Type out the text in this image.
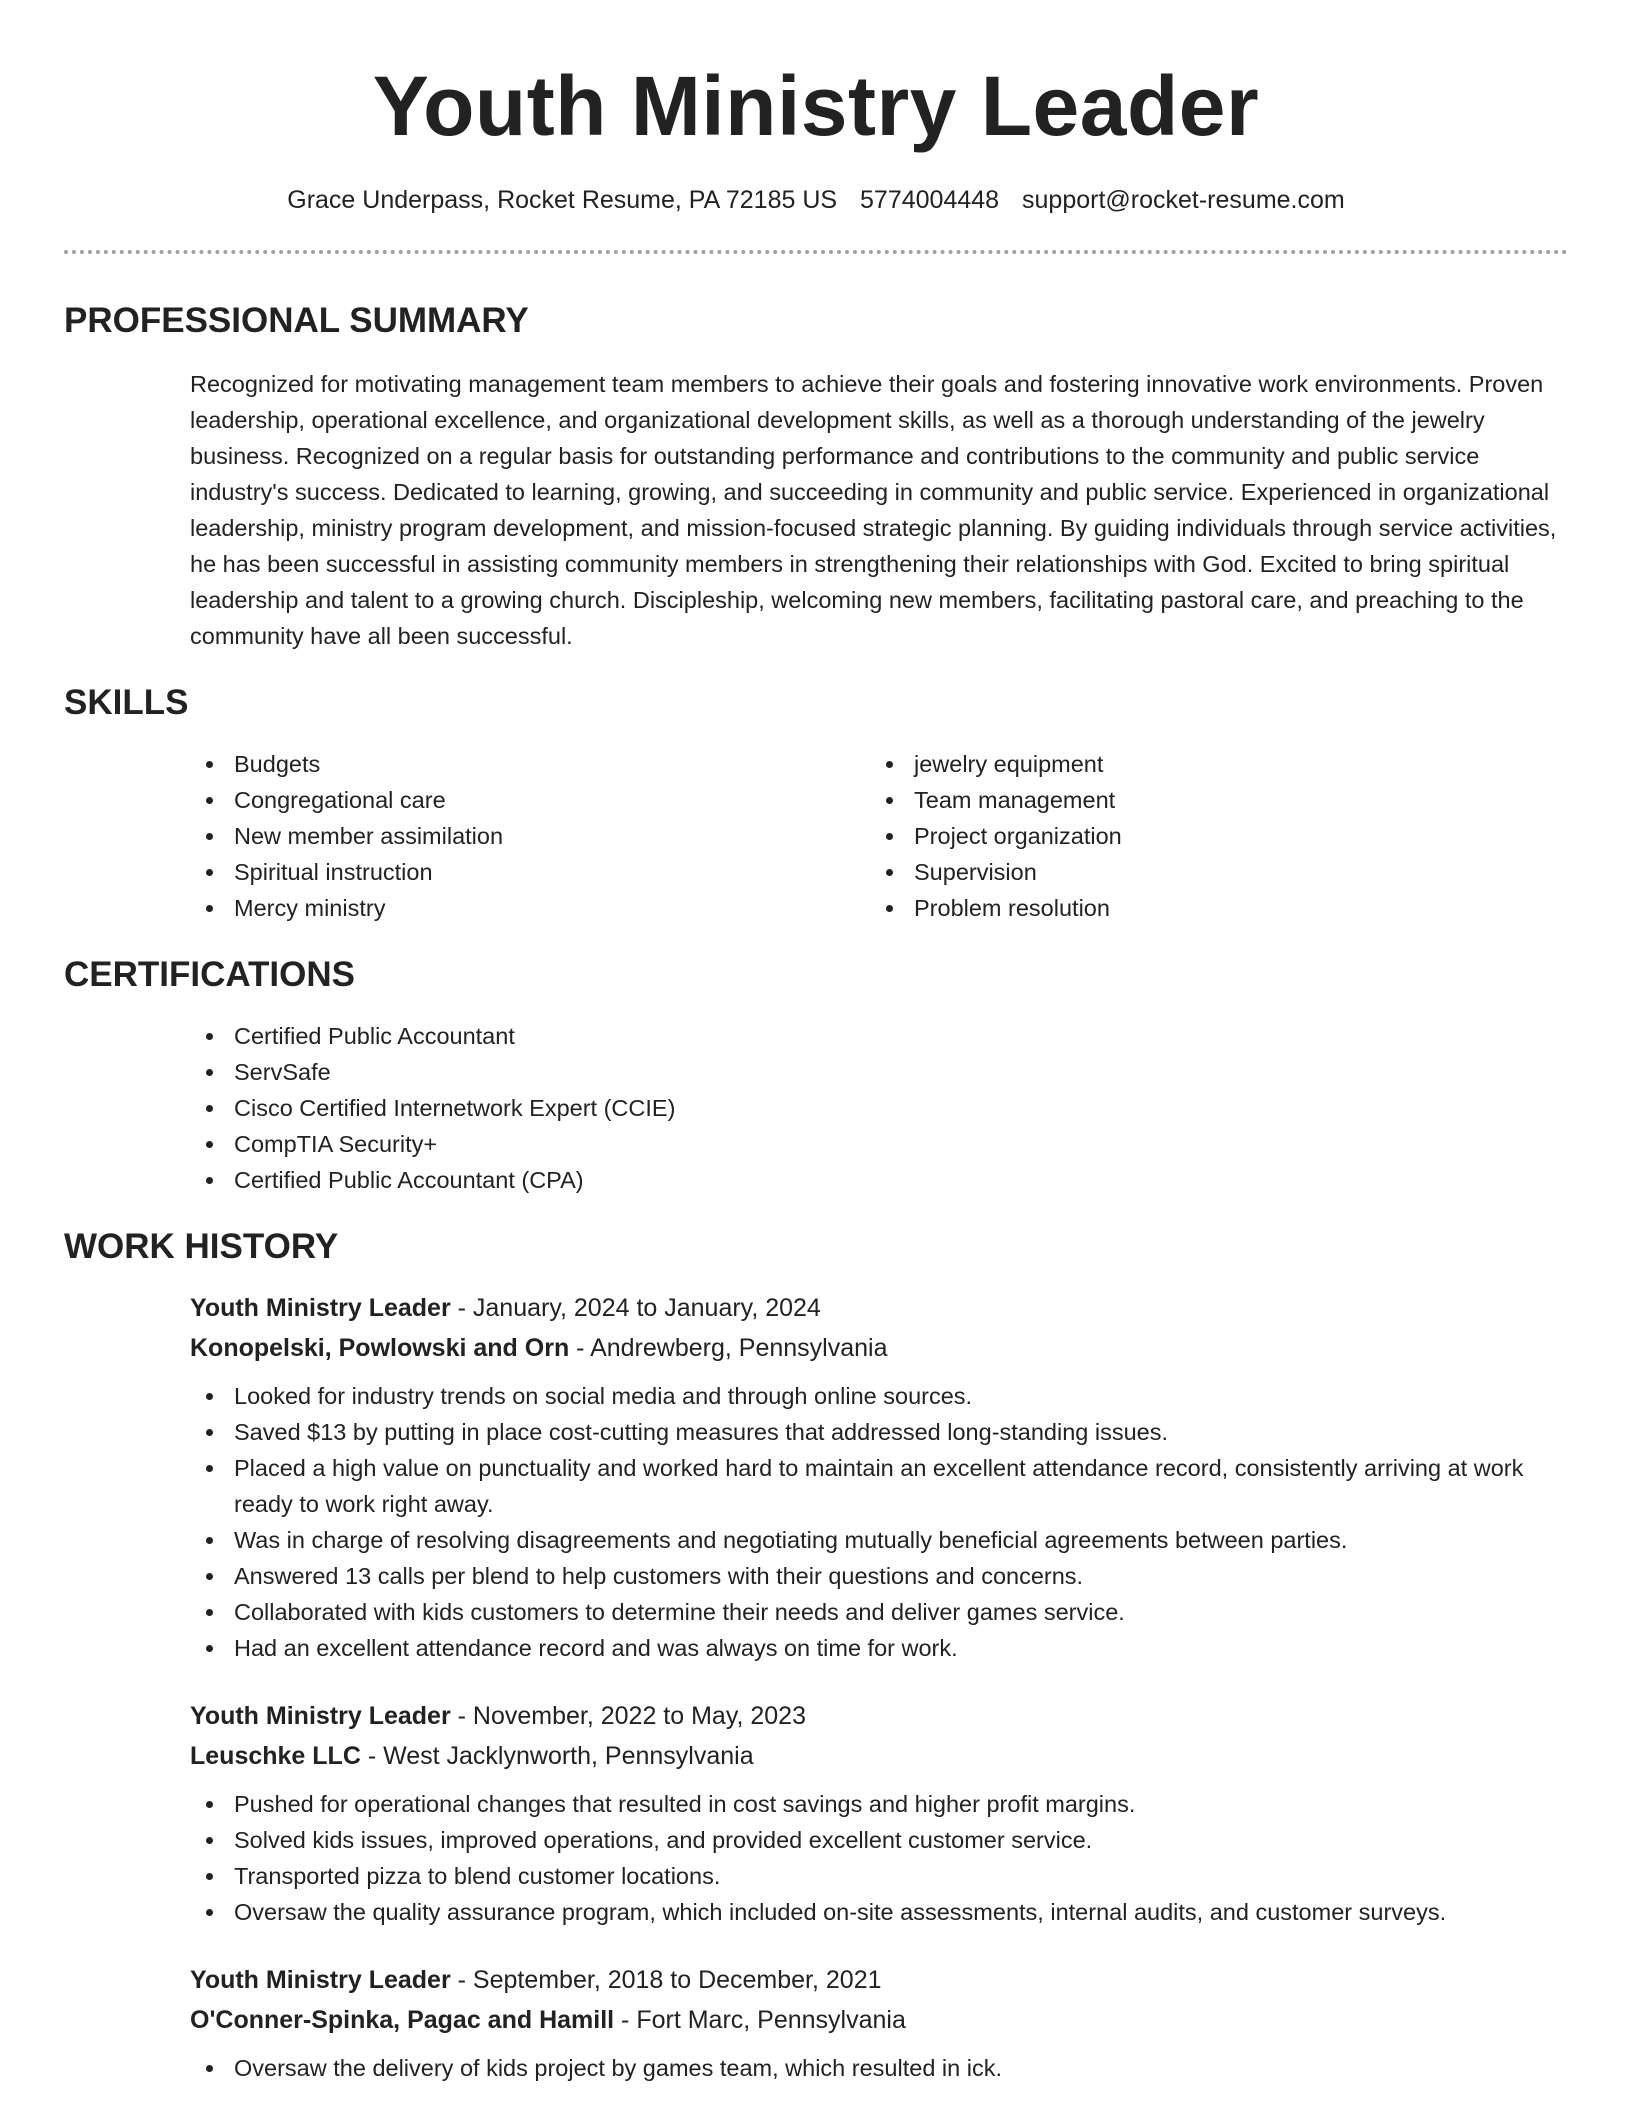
Youth Ministry Leader
Grace Underpass, Rocket Resume, PA 72185 US 5774004448 support@rocket-resume.com
PROFESSIONAL SUMMARY

Recognized for motivating management team members to achieve their goals and fostering innovative work environments. Proven leadership, operational excellence, and organizational development skills, as well as a thorough understanding of the jewelry business. Recognized on a regular basis for outstanding performance and contributions to the community and public service industry's success. Dedicated to learning, growing, and succeeding in community and public service. Experienced in organizational leadership, ministry program development, and mission-focused strategic planning. By guiding individuals through service activities, he has been successful in assisting community members in strengthening their relationships with God. Excited to bring spiritual leadership and talent to a growing church. Discipleship, welcoming new members, facilitating pastoral care, and preaching to the community have all been successful.

SKILLS
Budgets
Congregational care
New member assimilation
Spiritual instruction
Mercy ministry
jewelry equipment
Team management
Project organization
Supervision
Problem resolution
CERTIFICATIONS
Certified Public Accountant
ServSafe
Cisco Certified Internetwork Expert (CCIE)
CompTIA Security+
Certified Public Accountant (CPA)
WORK HISTORY
Youth Ministry Leader - January, 2024 to January, 2024
Konopelski, Powlowski and Orn - Andrewberg, Pennsylvania
Looked for industry trends on social media and through online sources.
Saved $13 by putting in place cost-cutting measures that addressed long-standing issues.
Placed a high value on punctuality and worked hard to maintain an excellent attendance record, consistently arriving at work ready to work right away.
Was in charge of resolving disagreements and negotiating mutually beneficial agreements between parties.
Answered 13 calls per blend to help customers with their questions and concerns.
Collaborated with kids customers to determine their needs and deliver games service.
Had an excellent attendance record and was always on time for work.
Youth Ministry Leader - November, 2022 to May, 2023
Leuschke LLC - West Jacklynworth, Pennsylvania
Pushed for operational changes that resulted in cost savings and higher profit margins.
Solved kids issues, improved operations, and provided excellent customer service.
Transported pizza to blend customer locations.
Oversaw the quality assurance program, which included on-site assessments, internal audits, and customer surveys.
Youth Ministry Leader - September, 2018 to December, 2021
O'Conner-Spinka, Pagac and Hamill - Fort Marc, Pennsylvania
Oversaw the delivery of kids project by games team, which resulted in ick.
